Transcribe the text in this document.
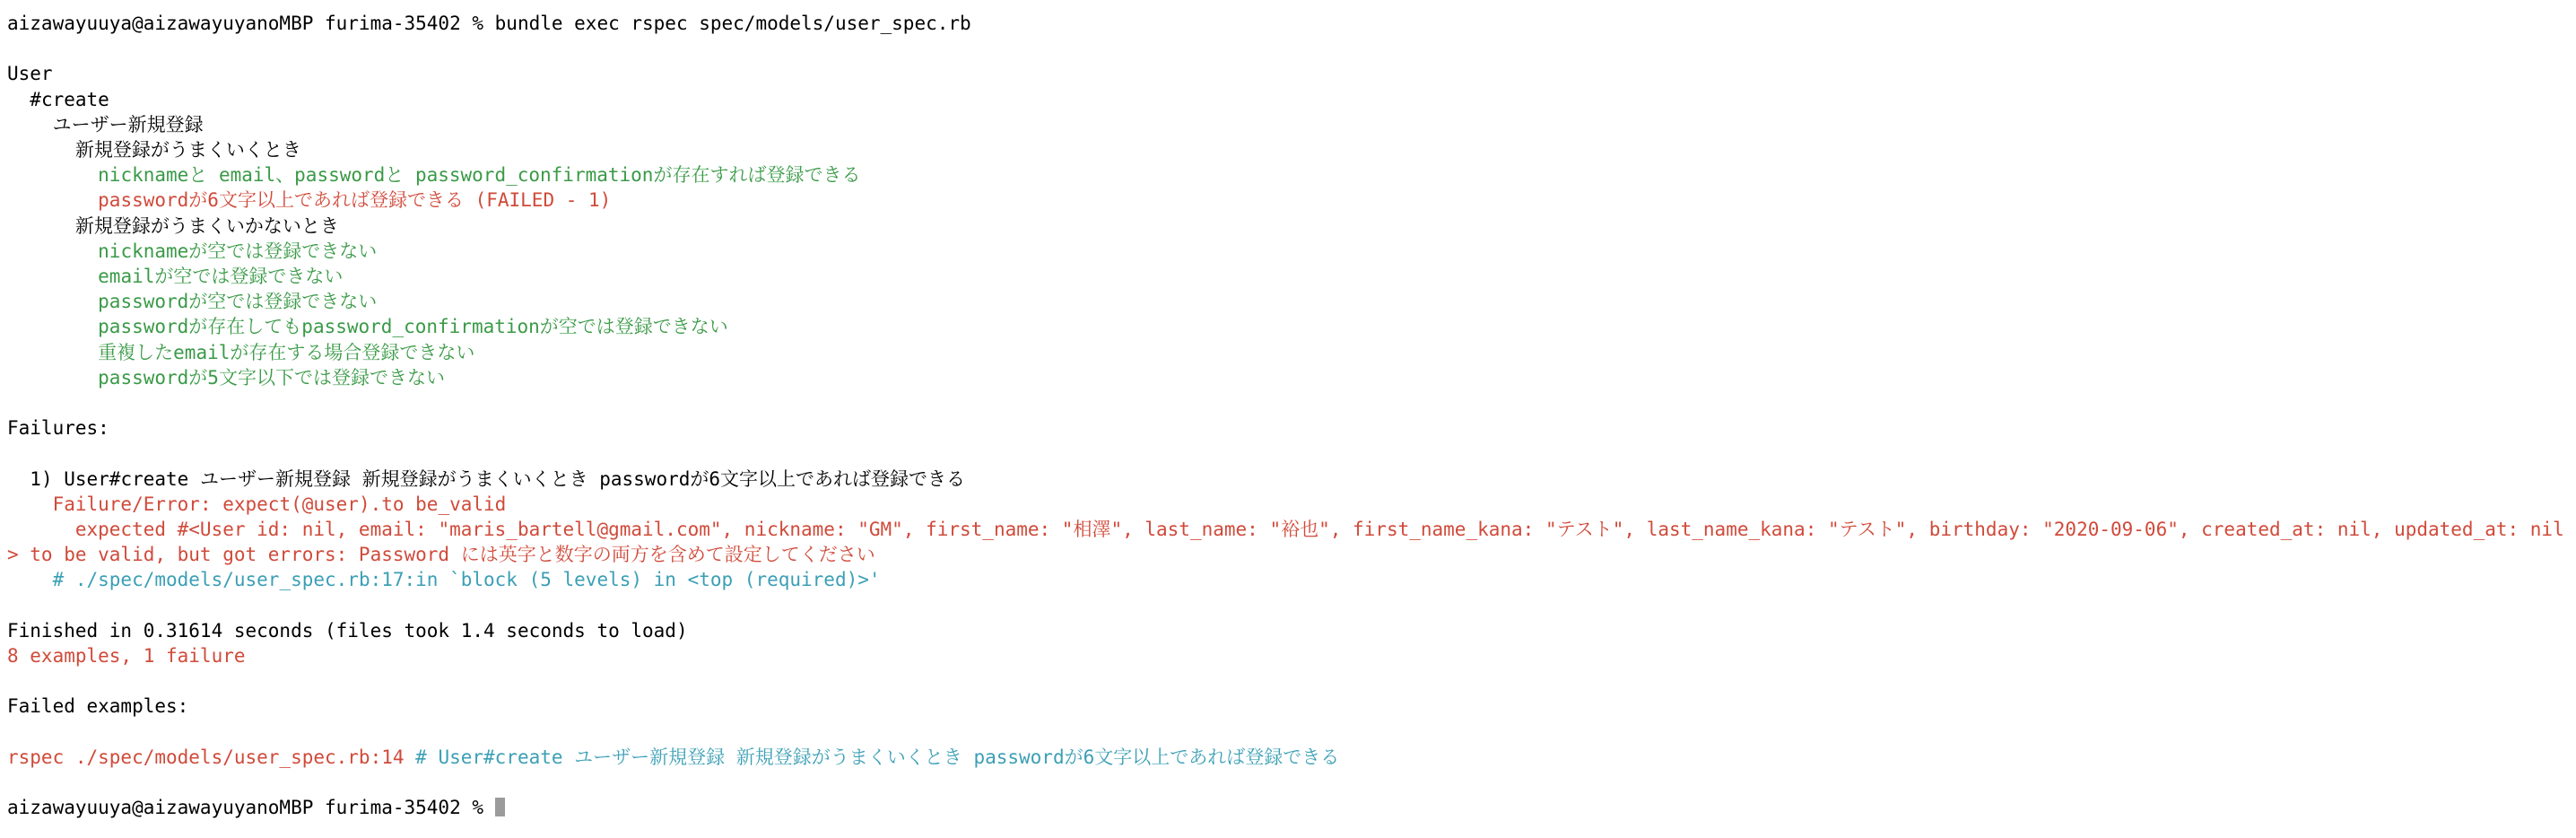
aizawayuuya@aizawayuyanoMBP furima-35402 % bundle exec rspec spec/models/user_spec.rb

User
#create
ユーザー新規登録
新規登録がうまくいくとき
nicknameと email、passwordと password_confirmationが存在すれば登録できる
passwordが6文字以上であれば登録できる (FAILED - 1)
新規登録がうまくいかないとき
nicknameが空では登録できない
emailが空では登録できない
passwordが空では登録できない
passwordが存在してもpassword_confirmationが空では登録できない
重複したemailが存在する場合登録できない
passwordが5文字以下では登録できない

Failures:

1) User#create ユーザー新規登録 新規登録がうまくいくとき passwordが6文字以上であれば登録できる
Failure/Error: expect(@user).to be_valid
expected #<User id: nil, email: "maris_bartell@gmail.com", nickname: "GM", first_name: "相澤", last_name: "裕也", first_name_kana: "テスト", last_name_kana: "テスト", birthday: "2020-09-06", created_at: nil, updated_at: nil> to be valid, but got errors: Password には英字と数字の両方を含めて設定してください
# ./spec/models/user_spec.rb:17:in `block (5 levels) in <top (required)>'

Finished in 0.31614 seconds (files took 1.4 seconds to load)
8 examples, 1 failure

Failed examples:

rspec ./spec/models/user_spec.rb:14 # User#create ユーザー新規登録 新規登録がうまくいくとき passwordが6文字以上であれば登録できる

aizawayuuya@aizawayuyanoMBP furima-35402 %
